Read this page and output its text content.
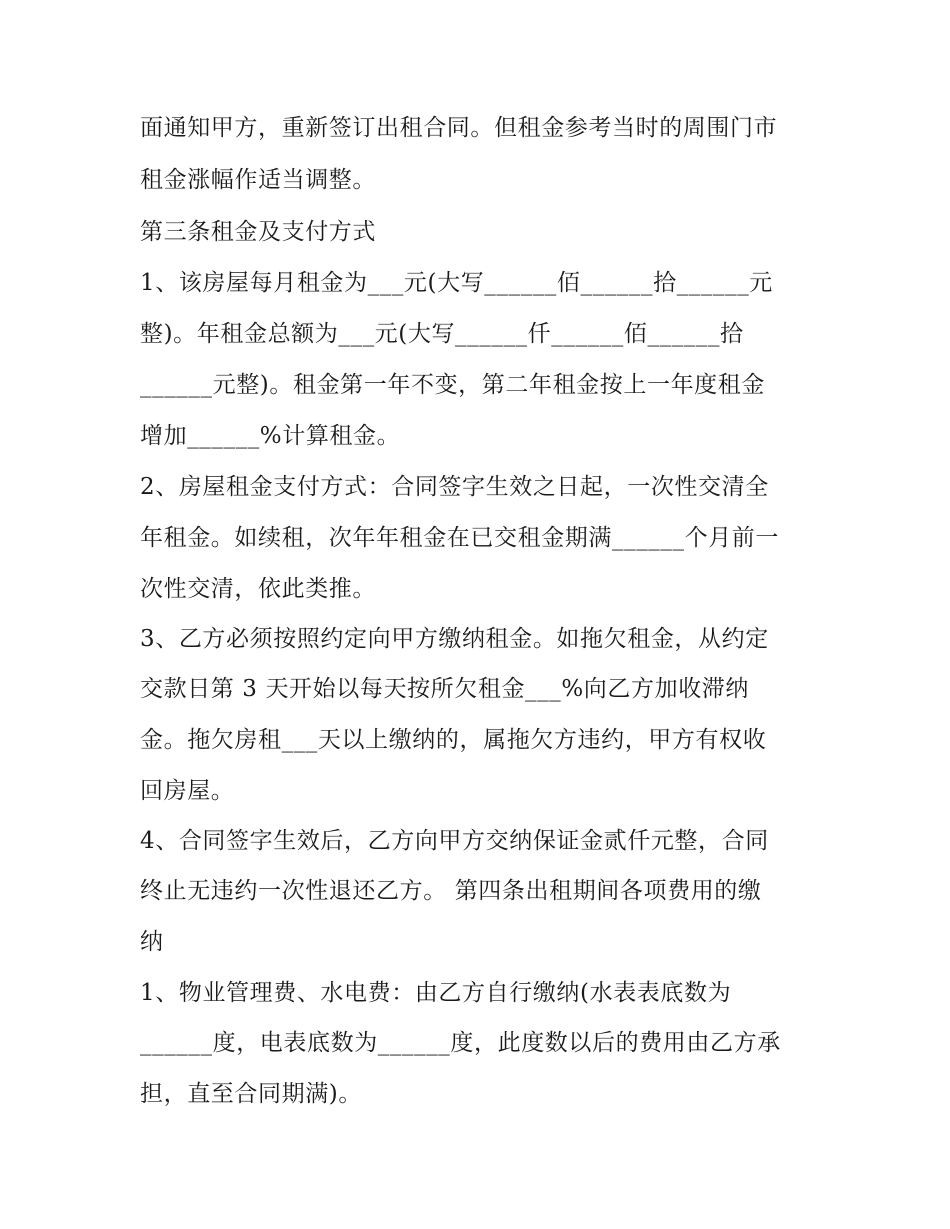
面通知甲方，重新签订出租合同。但租金参考当时的周围门市
租金涨幅作适当调整。
第三条租金及支付方式
1、该房屋每月租金为___元(大写______佰______拾______元
整)。年租金总额为___元(大写______仟______佰______拾
______元整)。租金第一年不变，第二年租金按上一年度租金
增加______%计算租金。
2、房屋租金支付方式：合同签字生效之日起，一次性交清全
年租金。如续租，次年年租金在已交租金期满______个月前一
次性交清，依此类推。
3、乙方必须按照约定向甲方缴纳租金。如拖欠租金，从约定
交款日第 3 天开始以每天按所欠租金___%向乙方加收滞纳
金。拖欠房租___天以上缴纳的，属拖欠方违约，甲方有权收
回房屋。
4、合同签字生效后，乙方向甲方交纳保证金贰仟元整，合同
终止无违约一次性退还乙方。 第四条出租期间各项费用的缴
纳
1、物业管理费、水电费：由乙方自行缴纳(水表表底数为
______度，电表底数为______度，此度数以后的费用由乙方承
担，直至合同期满)。
